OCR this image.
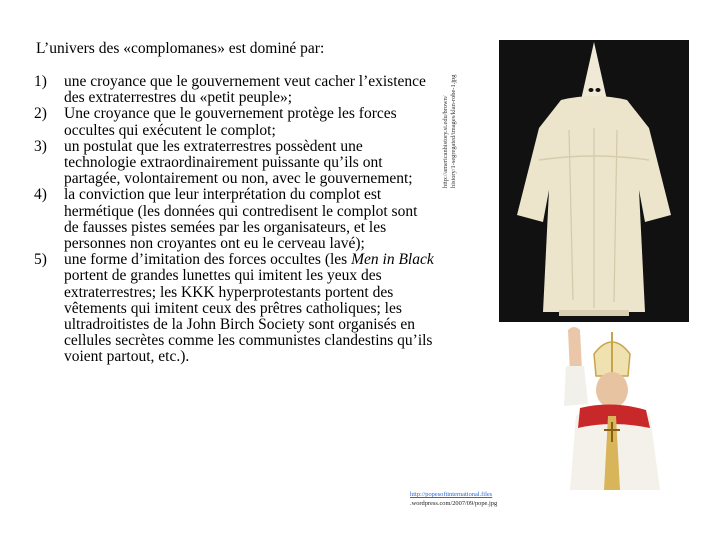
L’univers des «complomanes» est dominé par:
1) une croyance que le gouvernement veut cacher l’existence des extraterrestres du «petit peuple»;
2) Une croyance que le gouvernement protège les forces occultes qui exécutent le complot;
3) un postulat que les extraterrestres possèdent une technologie extraordinairement puissante qu’ils ont partagée, volontairement ou non, avec le gouvernement;
4) la conviction que leur interprétation du complot est hermétique (les données qui contredisent le complot sont de fausses pistes semées par les organisateurs, et les personnes non croyantes ont eu le cerveau lavé);
5) une forme d’imitation des forces occultes (les Men in Black portent de grandes lunettes qui imitent les yeux des extraterrestres; les KKK hyperprotestants portent des vêtements qui imitent ceux des prêtres catholiques; les ultradroitistes de la John Birch Society sont organisés en cellules secrètes comme les communistes clandestins qu’ils voient partout, etc.).
http://americanhistory.si.edu/brown/ history/1-segregated/images/klan-robe-1.jpg
http://popesoftinternational.files
.wordpress.com/2007/09/pope.jpg
